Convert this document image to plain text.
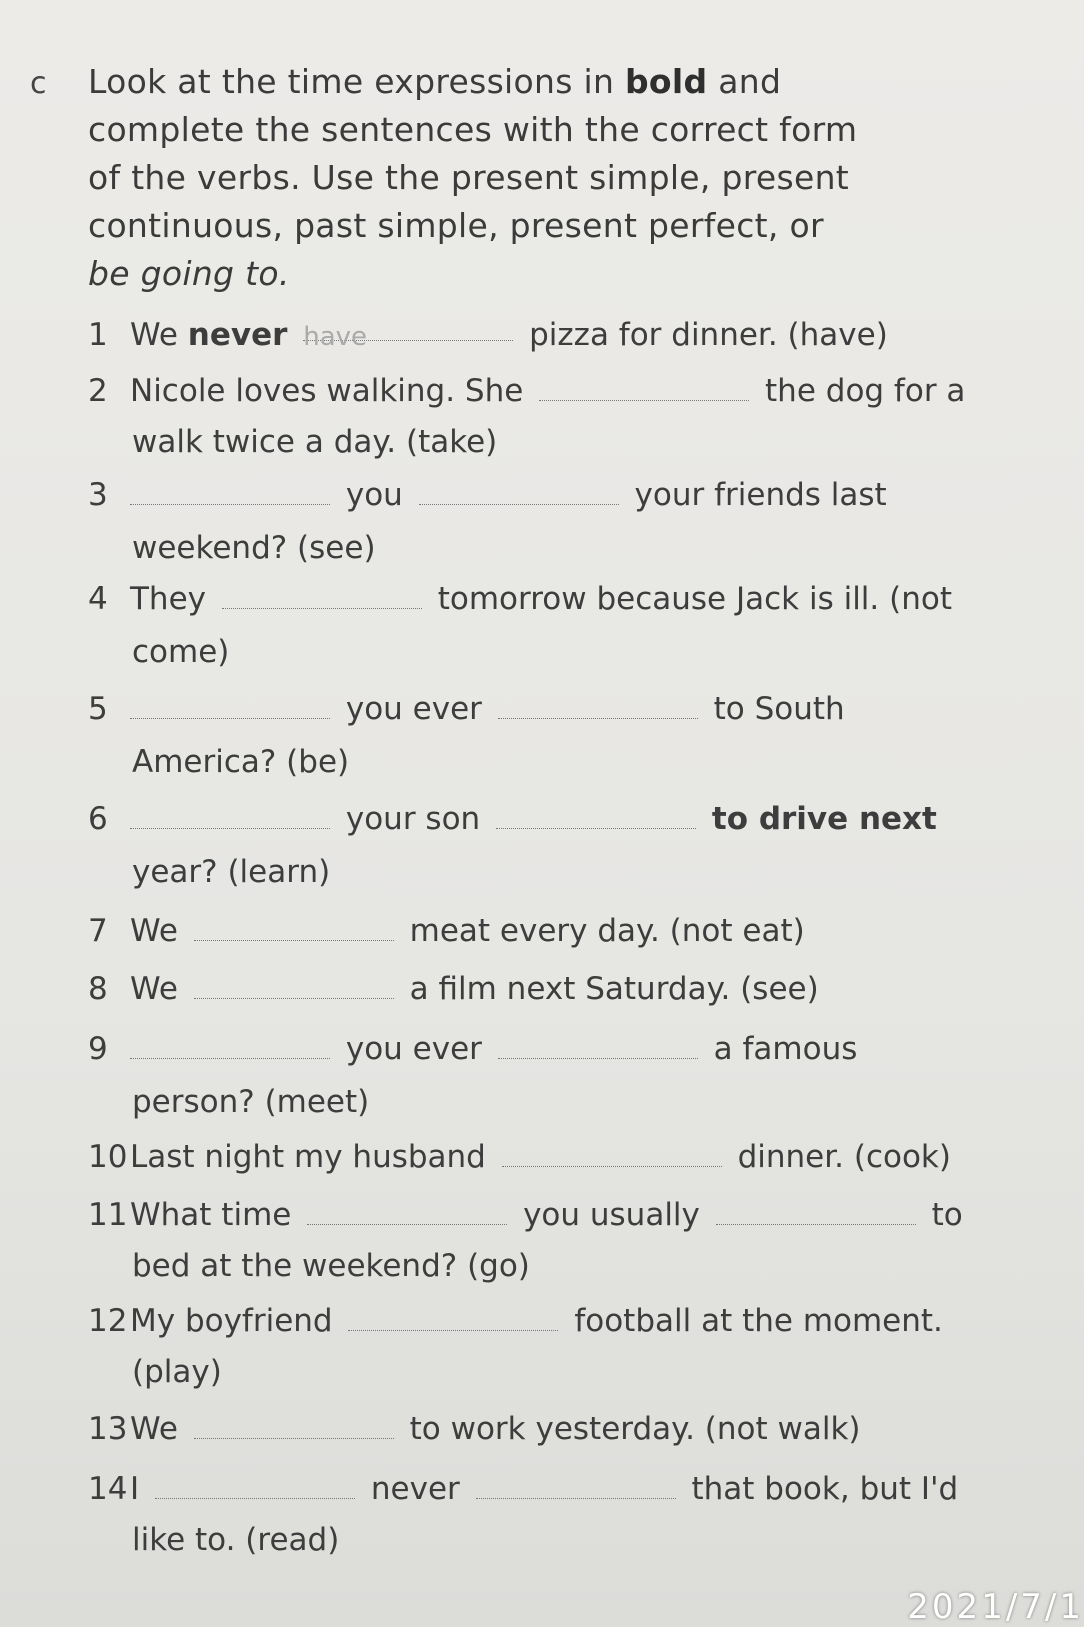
c Look at the time expressions in bold and
complete the sentences with the correct form
of the verbs. Use the present simple, present
continuous, past simple, present perfect, or
be going to.
1 We never have	pizza for dinner. (have)
2 Nicole loves walking. She	the dog for a
walk twice a day. (take)
3	you	your friends last
weekend? (see)
4 They	tomorrow because Jack is ill. (not
come)
5	you ever	to South
America? (be)
6	your son	to drive next
year? (learn)
7 We	meat every day. (not eat)
8 We	a film next Saturday. (see)
9	you ever	a famous
person? (meet)
10Last night my husband	dinner. (cook)
11What time	you usually	to
bed at the weekend? (go)
12My boyfriend	football at the moment.
(play)
13We	to work yesterday. (not walk)
14I	never	that book, but I'd
like to. (read)
2021/7/1
